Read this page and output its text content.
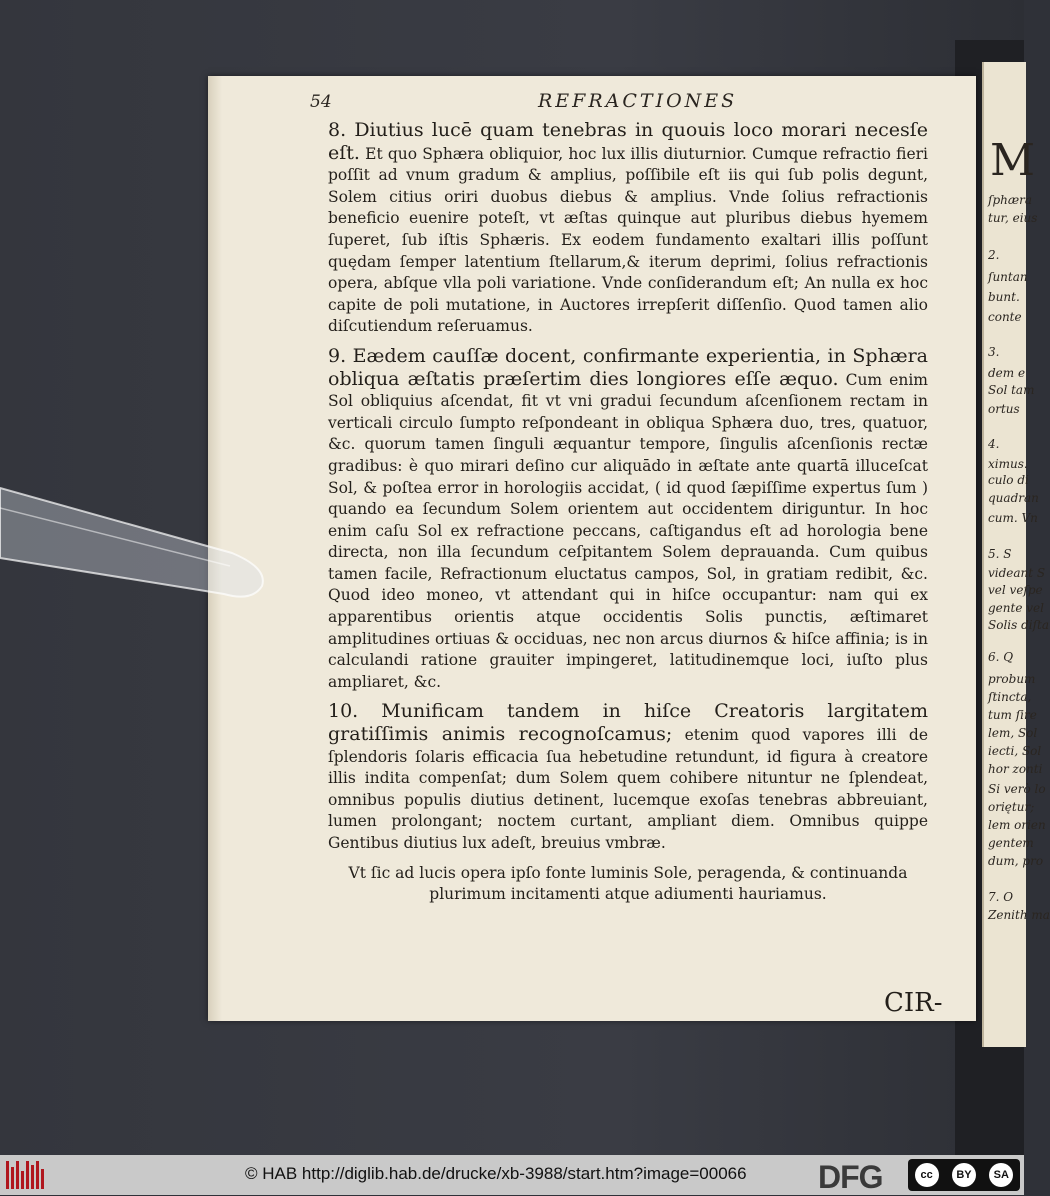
M
ſphæra
tur, eius
2.
ſuntan
bunt.
conte
3.
dem e
Sol tam
ortus
4.
ximus.
culo di
quadran
cum. Vn
5. S
videant S
vel veſpe
gente vel
Solis diſta
6. Q
probum
ſtincta,
tum ſire
lem, Sol
iecti, Sol
hor zonti
Si verò lo
oriętur;
lem orien
gentem
dum, pro
7. O
Zenith ma
54	REFRACTIONES

8. Diutius lucē quam tenebras in quouis loco morari necesſe eſt. Et quo Sphæra obliquior, hoc lux illis diuturnior. Cumque refractio fieri poſſit ad vnum gradum & amplius, poſſibile eſt iis qui ſub polis degunt, Solem citius oriri duobus diebus & amplius. Vnde ſolius refractionis beneficio euenire poteſt, vt æſtas quinque aut pluribus diebus hyemem ſuperet, ſub iſtis Sphæris. Ex eodem fundamento exaltari illis poſſunt quędam ſemper latentium ſtellarum,& iterum deprimi, ſolius refractionis opera, abſque vlla poli variatione. Vnde conſiderandum eſt; An nulla ex hoc capite de poli mutatione, in Auctores irrepſerit diſſenſio. Quod tamen alio diſcutiendum reſeruamus.

9. Eædem cauſſæ docent, confirmante experientia, in Sphæra obliqua æſtatis præſertim dies longiores eſſe æquo. Cum enim Sol obliquius aſcendat, fit vt vni gradui ſecundum aſcenſionem rectam in verticali circulo ſumpto reſpondeant in obliqua Sphæra duo, tres, quatuor, &c. quorum tamen ſinguli æquantur tempore, ſingulis aſcenſionis rectæ gradibus: è quo mirari deſino cur aliquādo in æſtate ante quartā illuceſcat Sol, & poſtea error in horologiis accidat, ( id quod ſæpiſſime expertus ſum ) quando ea ſecundum Solem orientem aut occidentem diriguntur. In hoc enim caſu Sol ex refractione peccans, caſtigandus eſt ad horologia bene directa, non illa ſecundum ceſpitantem Solem deprauanda. Cum quibus tamen facile, Refractionum eluctatus campos, Sol, in gratiam redibit, &c. Quod ideo moneo, vt attendant qui in hiſce occupantur: nam qui ex apparentibus orientis atque occidentis Solis punctis, æſtimaret amplitudines ortiuas & occiduas, nec non arcus diurnos & hiſce affinia; is in calculandi ratione grauiter impingeret, latitudinemque loci, iuſto plus ampliaret, &c.

10. Munificam tandem in hiſce Creatoris largitatem gratiſſimis animis recognoſcamus; etenim quod vapores illi de ſplendoris ſolaris efficacia ſua hebetudine retundunt, id figura à creatore illis indita compenſat; dum Solem quem cohibere nituntur ne ſplendeat, omnibus populis diutius detinent, lucemque exoſas tenebras abbreuiant, lumen prolongant; noctem curtant, ampliant diem. Omnibus quippe Gentibus diutius lux adeſt, breuius vmbræ.

Vt ſic ad lucis opera ipſo fonte luminis Sole, peragenda, & continuanda plurimum incitamenti atque adiumenti hauriamus.

CIR-
© HAB http://diglib.hab.de/drucke/xb-3988/start.htm?image=00066 DFG	cc	BY	SA
